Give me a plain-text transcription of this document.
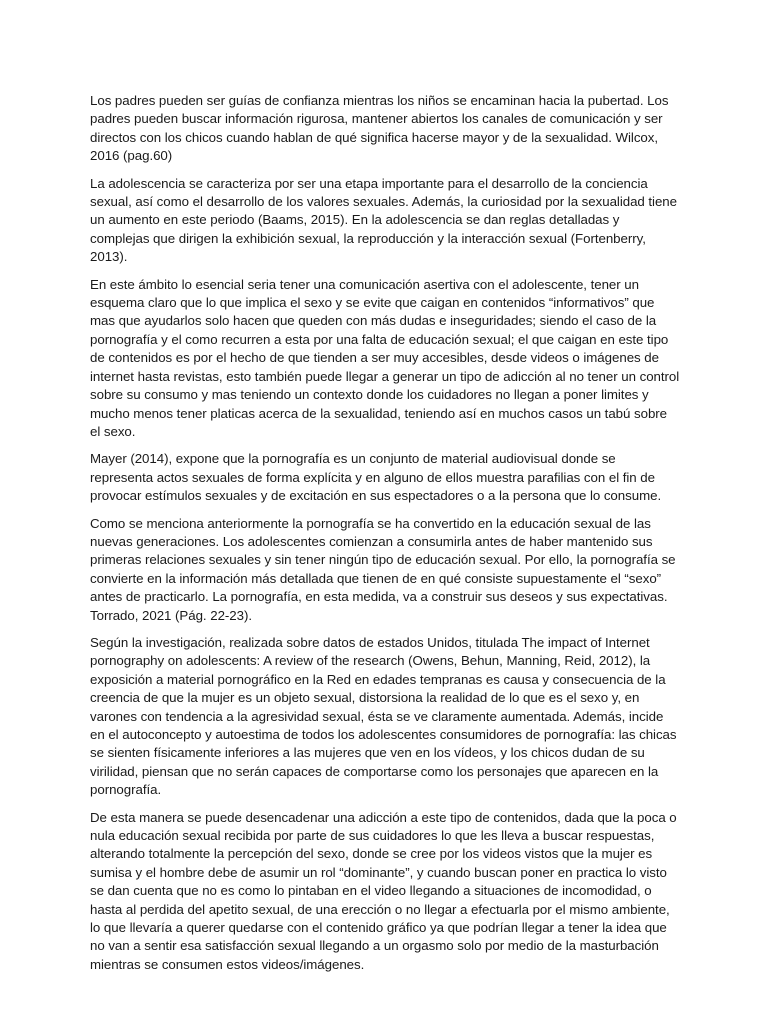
Los padres pueden ser guías de confianza mientras los niños se encaminan hacia la pubertad. Los padres pueden buscar información rigurosa, mantener abiertos los canales de comunicación y ser directos con los chicos cuando hablan de qué significa hacerse mayor y de la sexualidad. Wilcox, 2016 (pag.60)

La adolescencia se caracteriza por ser una etapa importante para el desarrollo de la conciencia sexual, así como el desarrollo de los valores sexuales. Además, la curiosidad por la sexualidad tiene un aumento en este periodo (Baams, 2015). En la adolescencia se dan reglas detalladas y complejas que dirigen la exhibición sexual, la reproducción y la interacción sexual (Fortenberry, 2013).

En este ámbito lo esencial seria tener una comunicación asertiva con el adolescente, tener un esquema claro que lo que implica el sexo y se evite que caigan en contenidos “informativos” que mas que ayudarlos solo hacen que queden con más dudas e inseguridades; siendo el caso de la pornografía y el como recurren a esta por una falta de educación sexual; el que caigan en este tipo de contenidos es por el hecho de que tienden a ser muy accesibles, desde videos o imágenes de internet hasta revistas, esto también puede llegar a generar un tipo de adicción al no tener un control sobre su consumo y mas teniendo un contexto donde los cuidadores no llegan a poner limites y mucho menos tener platicas acerca de la sexualidad, teniendo así en muchos casos un tabú sobre el sexo.

Mayer (2014), expone que la pornografía es un conjunto de material audiovisual donde se representa actos sexuales de forma explícita y en alguno de ellos muestra parafilias con el fin de provocar estímulos sexuales y de excitación en sus espectadores o a la persona que lo consume.

Como se menciona anteriormente la pornografía se ha convertido en la educación sexual de las nuevas generaciones. Los adolescentes comienzan a consumirla antes de haber mantenido sus primeras relaciones sexuales y sin tener ningún tipo de educación sexual. Por ello, la pornografía se convierte en la información más detallada que tienen de en qué consiste supuestamente el “sexo” antes de practicarlo. La pornografía, en esta medida, va a construir sus deseos y sus expectativas. Torrado, 2021 (Pág. 22-23).

Según la investigación, realizada sobre datos de estados Unidos, titulada The impact of Internet pornography on adolescents: A review of the research (Owens, Behun, Manning, Reid, 2012), la exposición a material pornográfico en la Red en edades tempranas es causa y consecuencia de la creencia de que la mujer es un objeto sexual, distorsiona la realidad de lo que es el sexo y, en varones con tendencia a la agresividad sexual, ésta se ve claramente aumentada. Además, incide en el autoconcepto y autoestima de todos los adolescentes consumidores de pornografía: las chicas se sienten físicamente inferiores a las mujeres que ven en los vídeos, y los chicos dudan de su virilidad, piensan que no serán capaces de comportarse como los personajes que aparecen en la pornografía.

De esta manera se puede desencadenar una adicción a este tipo de contenidos, dada que la poca o nula educación sexual recibida por parte de sus cuidadores lo que les lleva a buscar respuestas, alterando totalmente la percepción del sexo, donde se cree por los videos vistos que la mujer es sumisa y el hombre debe de asumir un rol “dominante”, y cuando buscan poner en practica lo visto se dan cuenta que no es como lo pintaban en el video llegando a situaciones de incomodidad, o hasta al perdida del apetito sexual, de una erección o no llegar a efectuarla por el mismo ambiente, lo que llevaría a querer quedarse con el contenido gráfico ya que podrían llegar a tener la idea que no van a sentir esa satisfacción sexual llegando a un orgasmo solo por medio de la masturbación mientras se consumen estos videos/imágenes.
